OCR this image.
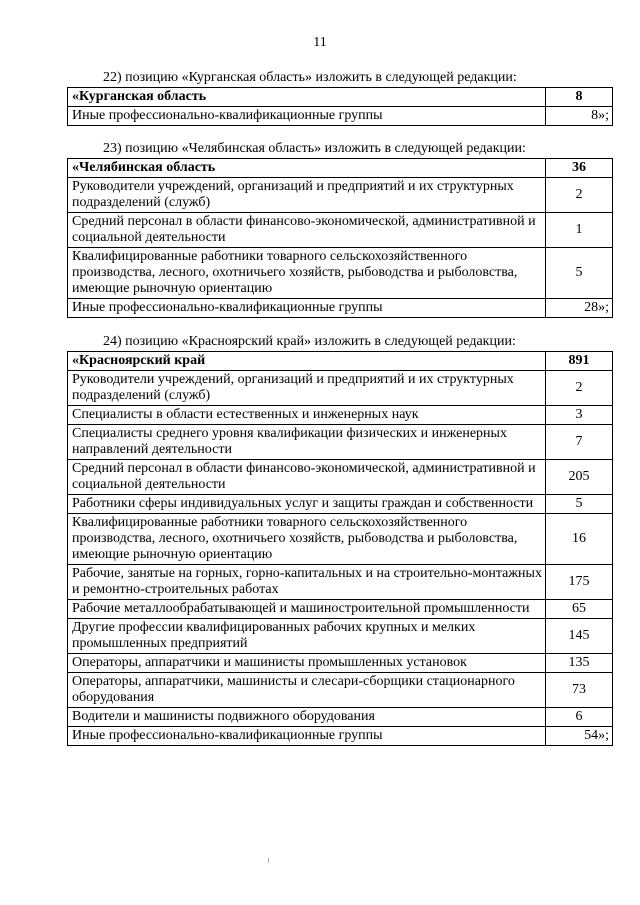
11
22) позицию «Курганская область» изложить в следующей редакции:
«Курганская область	8
Иные профессионально-квалификационные группы	8»;
23) позицию «Челябинская область» изложить в следующей редакции:
«Челябинская область	36
Руководители учреждений, организаций и предприятий и их структурных подразделений (служб)	2
Средний персонал в области финансово-экономической, административной и социальной деятельности	1
Квалифицированные работники товарного сельскохозяйственного производства, лесного, охотничьего хозяйств, рыбоводства и рыболовства, имеющие рыночную ориентацию	5
Иные профессионально-квалификационные группы	28»;
24) позицию «Красноярский край» изложить в следующей редакции:
«Красноярский край	891
Руководители учреждений, организаций и предприятий и их структурных подразделений (служб)	2
Специалисты в области естественных и инженерных наук	3
Специалисты среднего уровня квалификации физических и инженерных направлений деятельности	7
Средний персонал в области финансово-экономической, административной и социальной деятельности	205
Работники сферы индивидуальных услуг и защиты граждан и собственности	5
Квалифицированные работники товарного сельскохозяйственного производства, лесного, охотничьего хозяйств, рыбоводства и рыболовства, имеющие рыночную ориентацию	16
Рабочие, занятые на горных, горно-капитальных и на строительно-монтажных и ремонтно-строительных работах	175
Рабочие металлообрабатывающей и машиностроительной промышленности	65
Другие профессии квалифицированных рабочих крупных и мелких промышленных предприятий	145
Операторы, аппаратчики и машинисты промышленных установок	135
Операторы, аппаратчики, машинисты и слесари-сборщики стационарного оборудования	73
Водители и машинисты подвижного оборудования	6
Иные профессионально-квалификационные группы	54»;
